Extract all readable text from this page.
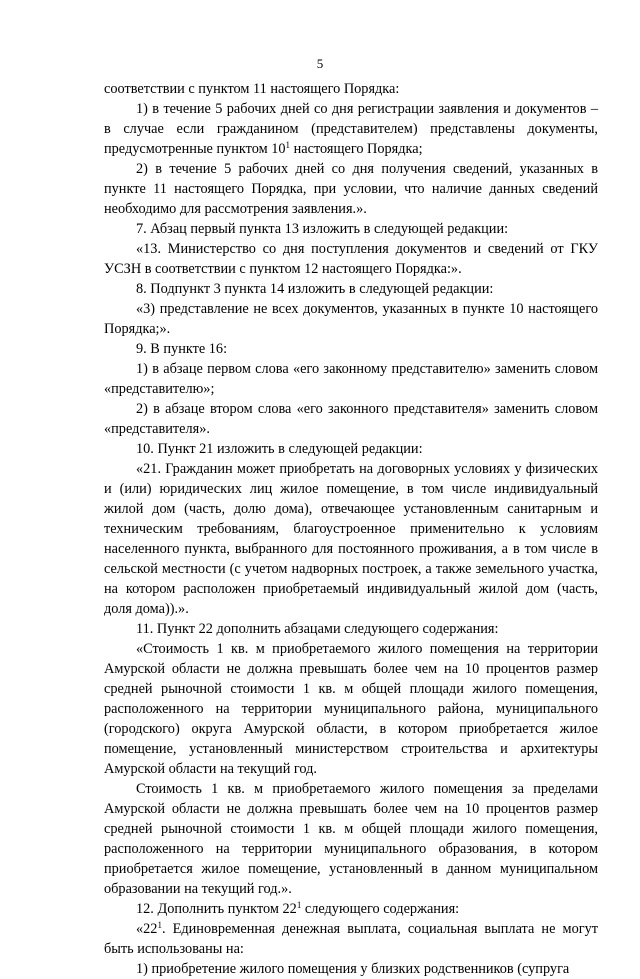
5

соответствии с пунктом 11 настоящего Порядка:

1) в течение 5 рабочих дней со дня регистрации заявления и документов – в случае если гражданином (представителем) представлены документы, предусмотренные пунктом $10^1$ настоящего Порядка;

2) в течение 5 рабочих дней со дня получения сведений, указанных в пункте 11 настоящего Порядка, при условии, что наличие данных сведений необходимо для рассмотрения заявления.».

7. Абзац первый пункта 13 изложить в следующей редакции:

«13. Министерство со дня поступления документов и сведений от ГКУ УСЗН в соответствии с пунктом 12 настоящего Порядка:».

8. Подпункт 3 пункта 14 изложить в следующей редакции:

«3) представление не всех документов, указанных в пункте 10 настоящего Порядка;».

9. В пункте 16:

1) в абзаце первом слова «его законному представителю» заменить словом «представителю»;

2) в абзаце втором слова «его законного представителя» заменить словом «представителя».

10. Пункт 21 изложить в следующей редакции:

«21. Гражданин может приобретать на договорных условиях у физических и (или) юридических лиц жилое помещение, в том числе индивидуальный жилой дом (часть, долю дома), отвечающее установленным санитарным и техническим требованиям, благоустроенное применительно к условиям населенного пункта, выбранного для постоянного проживания, а в том числе в сельской местности (с учетом надворных построек, а также земельного участка, на котором расположен приобретаемый индивидуальный жилой дом (часть, доля дома)).».

11. Пункт 22 дополнить абзацами следующего содержания:

«Стоимость 1 кв. м приобретаемого жилого помещения на территории Амурской области не должна превышать более чем на 10 процентов размер средней рыночной стоимости 1 кв. м общей площади жилого помещения, расположенного на территории муниципального района, муниципального (городского) округа Амурской области, в котором приобретается жилое помещение, установленный министерством строительства и архитектуры Амурской области на текущий год.

Стоимость 1 кв. м приобретаемого жилого помещения за пределами Амурской области не должна превышать более чем на 10 процентов размер средней рыночной стоимости 1 кв. м общей площади жилого помещения, расположенного на территории муниципального образования, в котором приобретается жилое помещение, установленный в данном муниципальном образовании на текущий год.».

12. Дополнить пунктом $22^1$ следующего содержания:

«$22^1$. Единовременная денежная выплата, социальная выплата не могут быть использованы на:

1) приобретение жилого помещения у близких родственников (супруга
